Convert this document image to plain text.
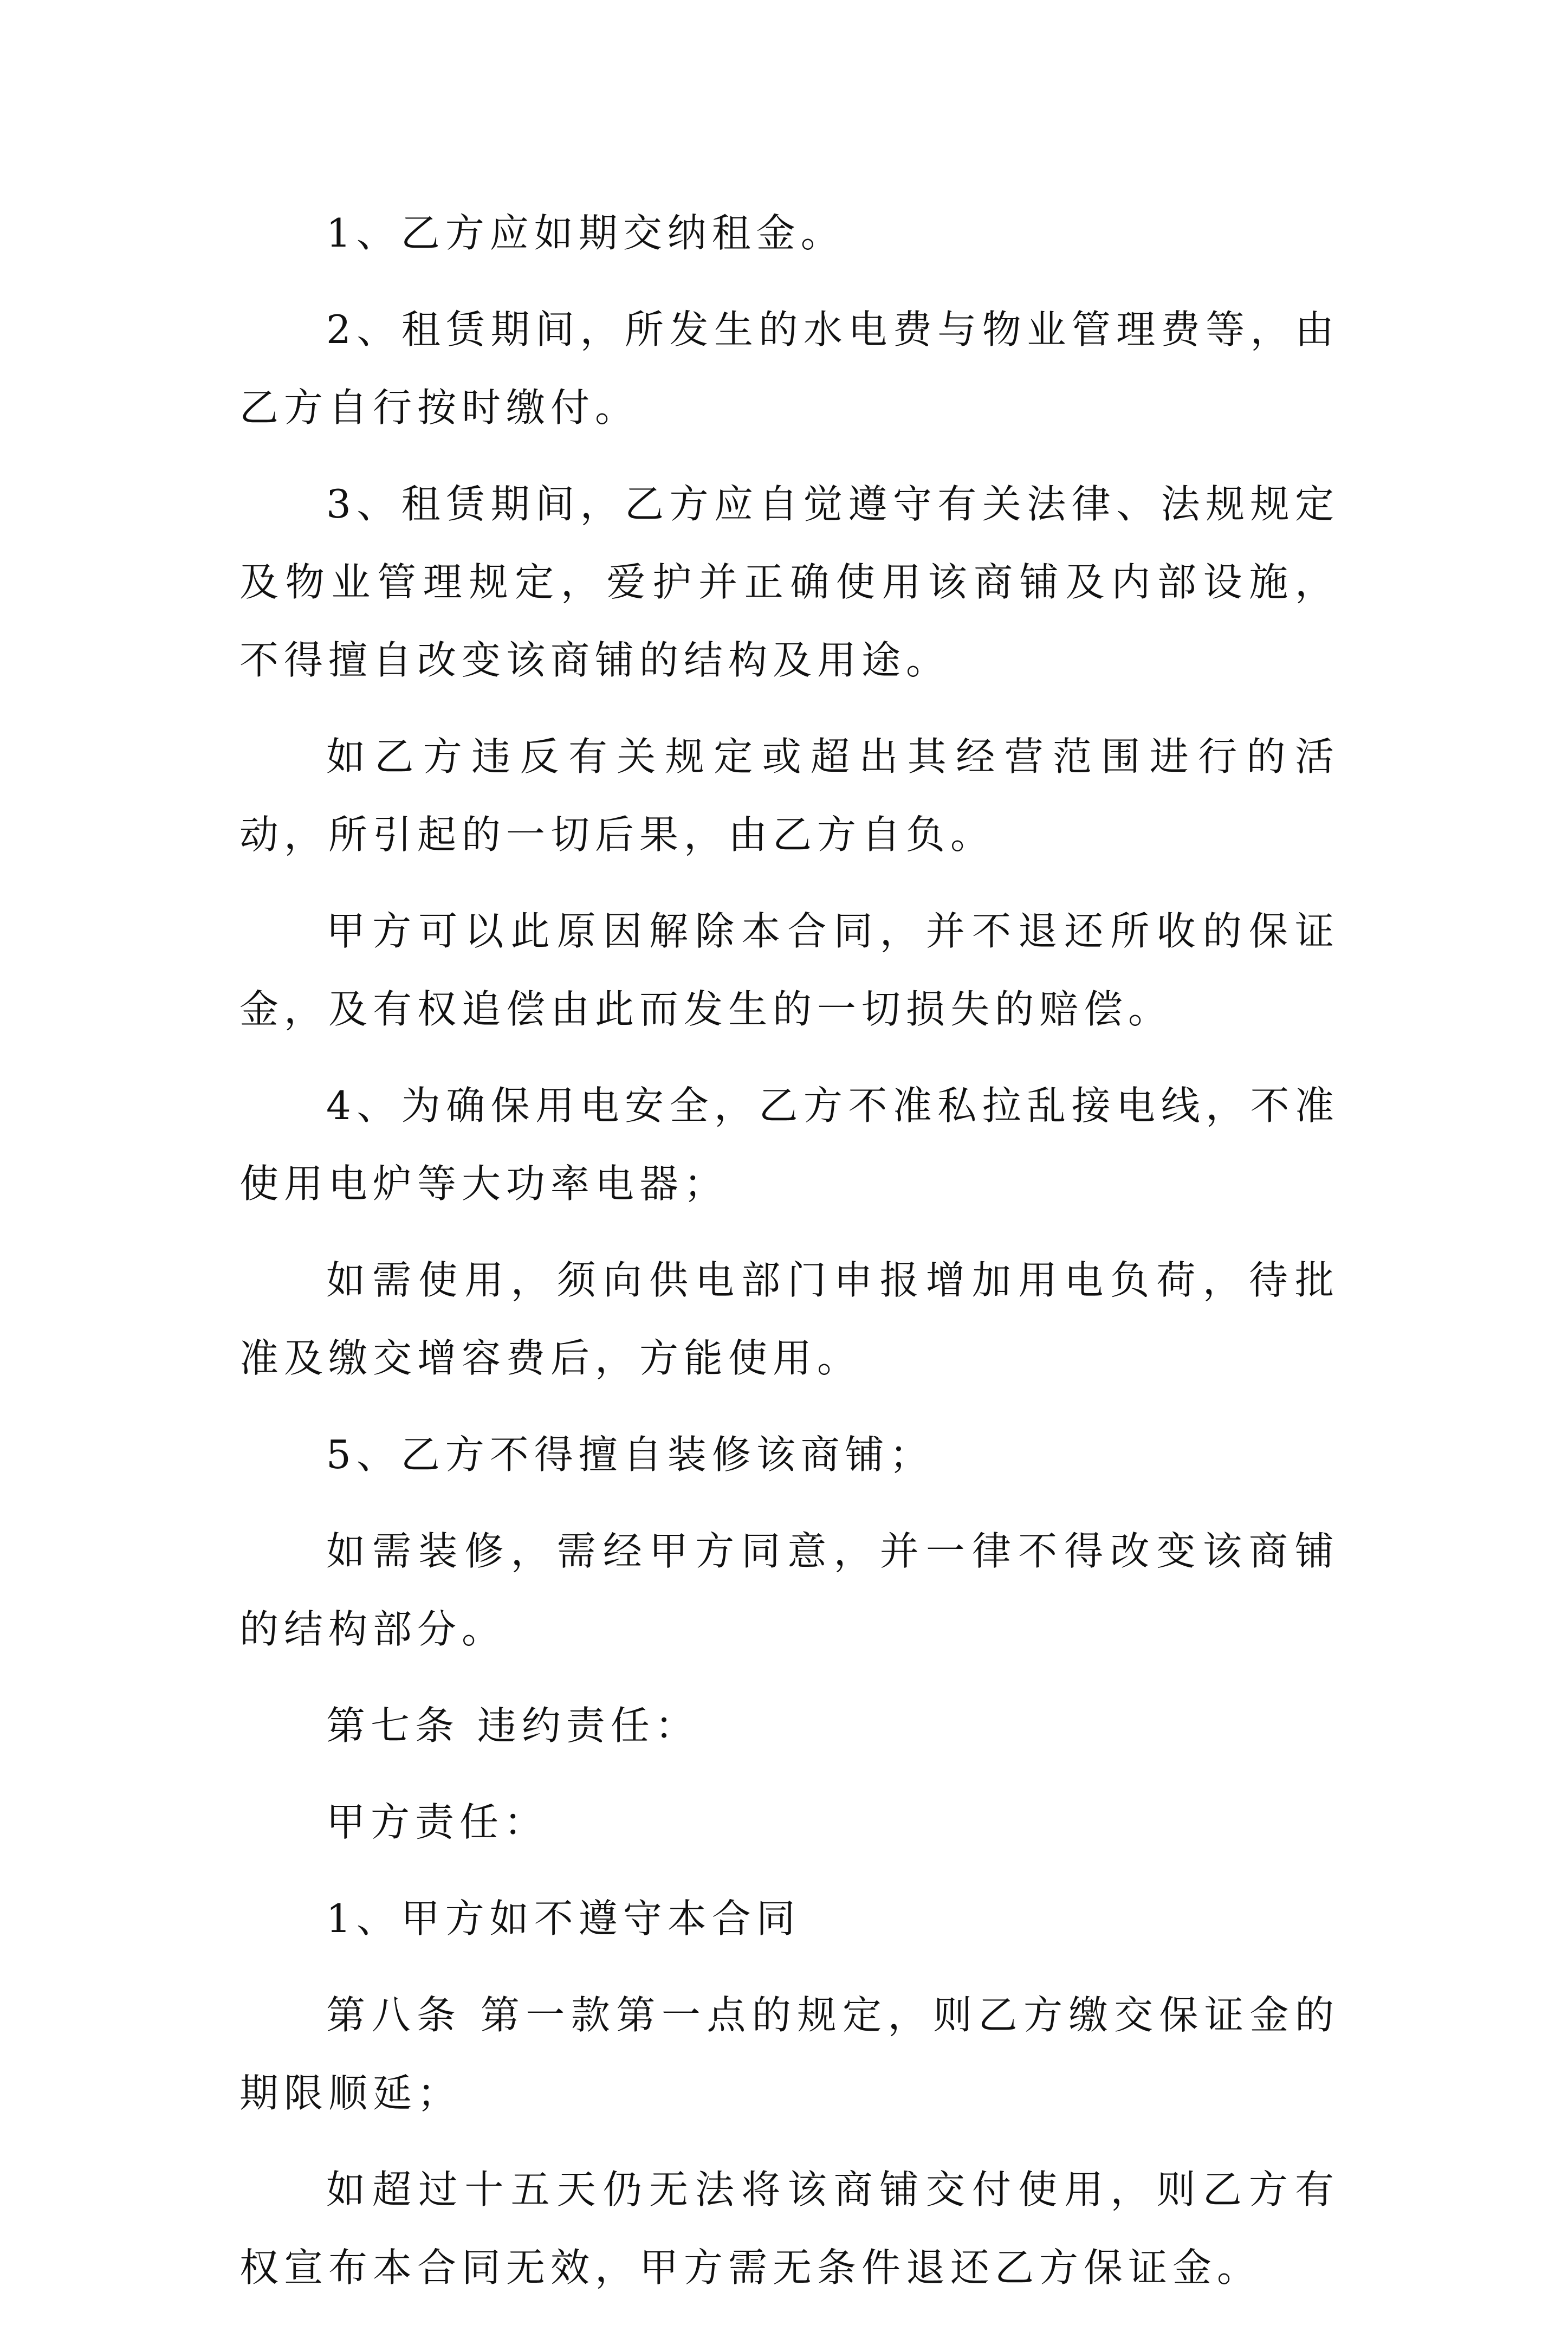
1、乙方应如期交纳租金。

2、租赁期间，所发生的水电费与物业管理费等，由乙方自行按时缴付。

3、租赁期间，乙方应自觉遵守有关法律、法规规定及物业管理规定，爱护并正确使用该商铺及内部设施，不得擅自改变该商铺的结构及用途。

如乙方违反有关规定或超出其经营范围进行的活动，所引起的一切后果，由乙方自负。

甲方可以此原因解除本合同，并不退还所收的保证金，及有权追偿由此而发生的一切损失的赔偿。

4、为确保用电安全，乙方不准私拉乱接电线，不准使用电炉等大功率电器；

如需使用，须向供电部门申报增加用电负荷，待批准及缴交增容费后，方能使用。

5、乙方不得擅自装修该商铺；

如需装修，需经甲方同意，并一律不得改变该商铺的结构部分。

第七条 违约责任：

甲方责任：

1、甲方如不遵守本合同

第八条 第一款第一点的规定，则乙方缴交保证金的期限顺延；

如超过十五天仍无法将该商铺交付使用，则乙方有权宣布本合同无效，甲方需无条件退还乙方保证金。
